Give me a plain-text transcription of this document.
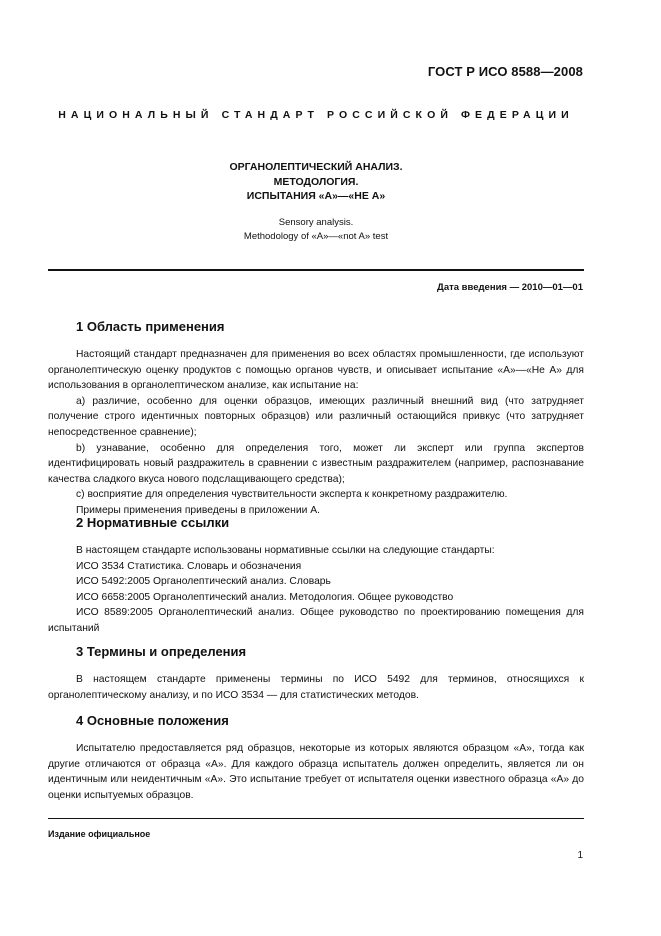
ГОСТ Р ИСО 8588—2008
НАЦИОНАЛЬНЫЙ СТАНДАРТ РОССИЙСКОЙ ФЕДЕРАЦИИ
ОРГАНОЛЕПТИЧЕСКИЙ АНАЛИЗ.
МЕТОДОЛОГИЯ.
ИСПЫТАНИЯ «А»—«НЕ А»
Sensory analysis.
Methodology of «A»—«not A» test
Дата введения — 2010—01—01
1 Область применения

Настоящий стандарт предназначен для применения во всех областях промышленности, где используют органолептическую оценку продуктов с помощью органов чувств, и описывает испытание «А»—«Не А» для использования в органолептическом анализе, как испытание на:

a) различие, особенно для оценки образцов, имеющих различный внешний вид (что затрудняет получение строго идентичных повторных образцов) или различный остающийся привкус (что затрудняет непосредственное сравнение);

b) узнавание, особенно для определения того, может ли эксперт или группа экспертов идентифицировать новый раздражитель в сравнении с известным раздражителем (например, распознавание качества сладкого вкуса нового подслащивающего средства);

c) восприятие для определения чувствительности эксперта к конкретному раздражителю.

Примеры применения приведены в приложении А.

2 Нормативные ссылки

В настоящем стандарте использованы нормативные ссылки на следующие стандарты:

ИСО 3534 Статистика. Словарь и обозначения

ИСО 5492:2005 Органолептический анализ. Словарь

ИСО 6658:2005 Органолептический анализ. Методология. Общее руководство

ИСО 8589:2005 Органолептический анализ. Общее руководство по проектированию помещения для испытаний

3 Термины и определения

В настоящем стандарте применены термины по ИСО 5492 для терминов, относящихся к органолептическому анализу, и по ИСО 3534 — для статистических методов.

4 Основные положения

Испытателю предоставляется ряд образцов, некоторые из которых являются образцом «А», тогда как другие отличаются от образца «А». Для каждого образца испытатель должен определить, является ли он идентичным или неидентичным «А». Это испытание требует от испытателя оценки известного образца «А» до оценки испытуемых образцов.

Издание официальное
1
